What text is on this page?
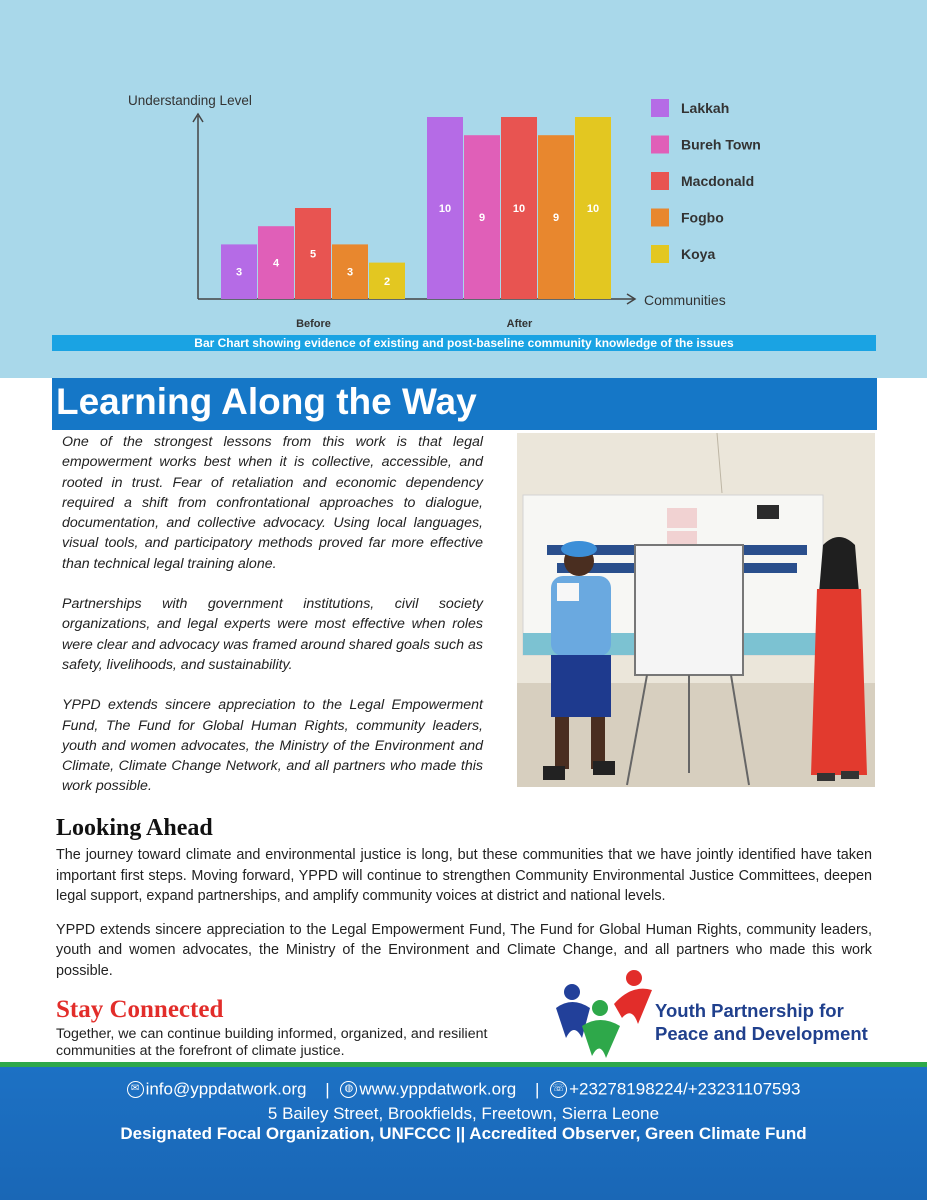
Understanding Level
Communities
3
4
5
3
2
10
9
10
9
10
Before	After
Lakkah
Bureh Town
Macdonald
Fogbo
Koya
Bar Chart showing evidence of existing and post-baseline community knowledge of the issues
Learning Along the Way

One of the strongest lessons from this work is that legal empowerment works best when it is collective, accessible, and rooted in trust. Fear of retaliation and economic dependency required a shift from confrontational approaches to dialogue, documentation, and collective advocacy. Using local languages, visual tools, and participatory methods proved far more effective than technical legal training alone.

Partnerships with government institutions, civil society organizations, and legal experts were most effective when roles were clear and advocacy was framed around shared goals such as safety, livelihoods, and sustainability.

YPPD extends sincere appreciation to the Legal Empowerment Fund, The Fund for Global Human Rights, community leaders, youth and women advocates, the Ministry of the Environment and Climate, Climate Change Network, and all partners who made this work possible.

Looking Ahead

The journey toward climate and environmental justice is long, but these communities that we have jointly identified have taken important first steps. Moving forward, YPPD will continue to strengthen Community Environmental Justice Committees, deepen legal support, expand partnerships, and amplify community voices at district and national levels.

YPPD extends sincere appreciation to the Legal Empowerment Fund, The Fund for Global Human Rights, community leaders, youth and women advocates, the Ministry of the Environment and Climate Change, and all partners who made this work possible.

Stay Connected

Together, we can continue building informed, organized, and resilient communities at the forefront of climate justice.

Youth Partnership for
Peace and Development
✉ info@yppdatwork.org | ◍ www.yppdatwork.org | ☏ +23278198224/+23231107593
5 Bailey Street, Brookfields, Freetown, Sierra Leone
Designated Focal Organization, UNFCCC || Accredited Observer, Green Climate Fund
